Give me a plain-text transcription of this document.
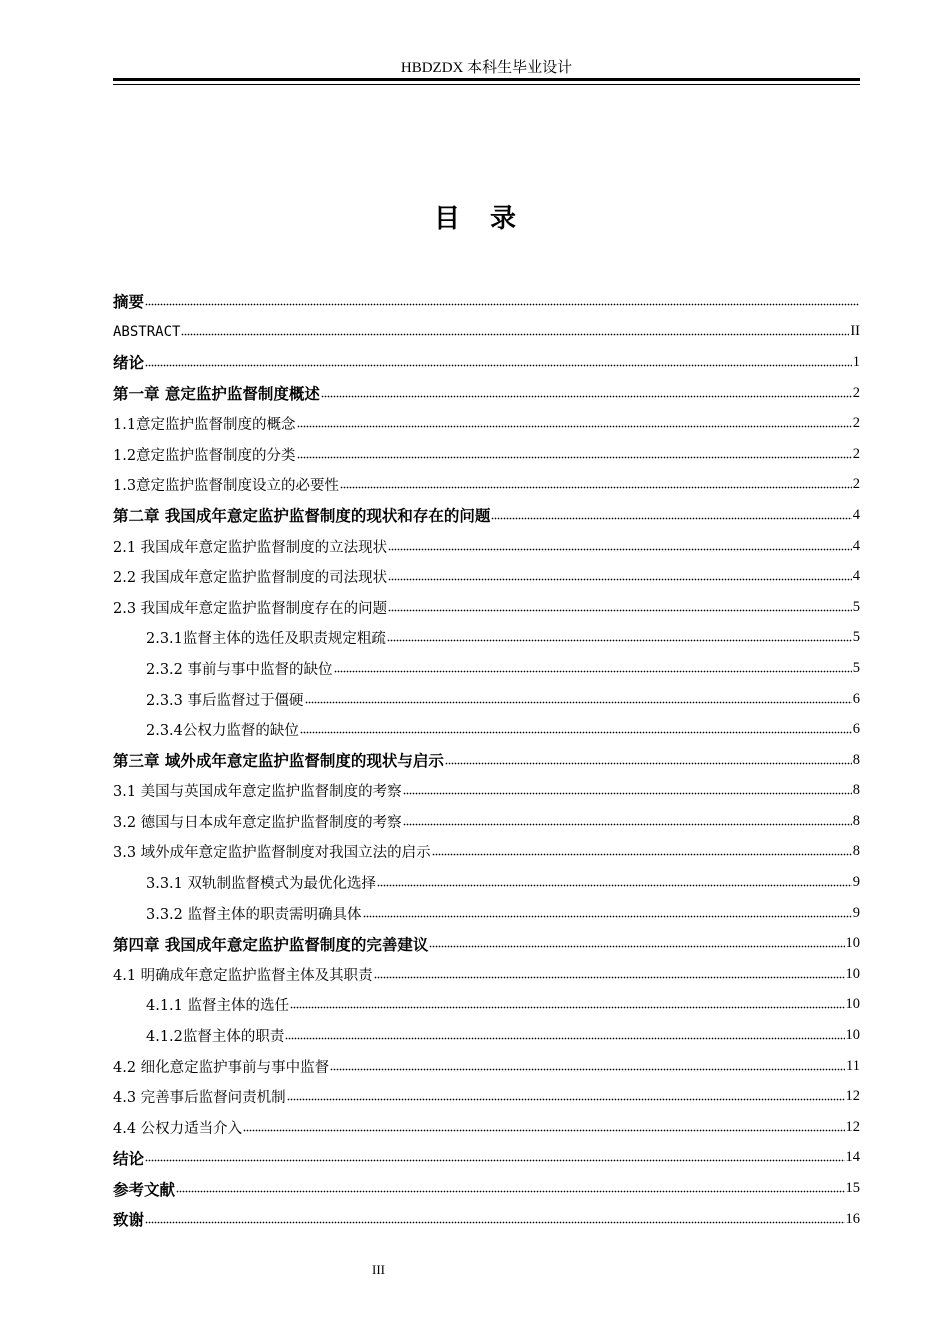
HBDZDX 本科生毕业设计
目 录
摘要
ABSTRACT	II
绪论	1
第一章 意定监护监督制度概述	2
1.1意定监护监督制度的概念	2
1.2意定监护监督制度的分类	2
1.3意定监护监督制度设立的必要性	2
第二章 我国成年意定监护监督制度的现状和存在的问题	4
2.1 我国成年意定监护监督制度的立法现状	4
2.2 我国成年意定监护监督制度的司法现状	4
2.3 我国成年意定监护监督制度存在的问题	5
2.3.1监督主体的选任及职责规定粗疏	5
2.3.2 事前与事中监督的缺位	5
2.3.3 事后监督过于僵硬	6
2.3.4公权力监督的缺位	6
第三章 域外成年意定监护监督制度的现状与启示	8
3.1 美国与英国成年意定监护监督制度的考察	8
3.2 德国与日本成年意定监护监督制度的考察	8
3.3 域外成年意定监护监督制度对我国立法的启示	8
3.3.1 双轨制监督模式为最优化选择	9
3.3.2 监督主体的职责需明确具体	9
第四章 我国成年意定监护监督制度的完善建议	10
4.1 明确成年意定监护监督主体及其职责	10
4.1.1 监督主体的选任	10
4.1.2监督主体的职责	10
4.2 细化意定监护事前与事中监督	11
4.3 完善事后监督问责机制	12
4.4 公权力适当介入	12
结论	14
参考文献	15
致谢	16
III
